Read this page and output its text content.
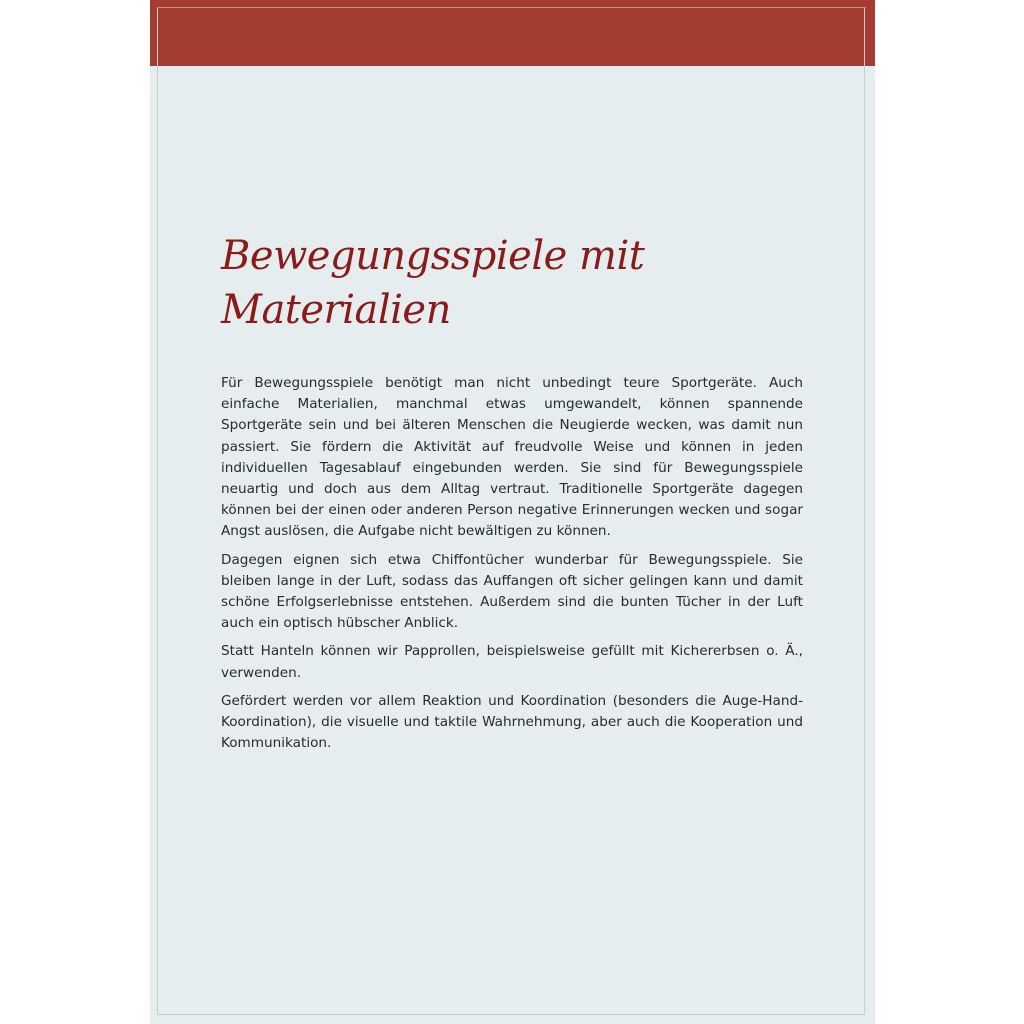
Bewegungsspiele mit
Materialien

Für Bewegungsspiele benötigt man nicht unbedingt teure Sportgeräte. Auch einfache Materialien, manchmal etwas umgewandelt, können spannende Sportgeräte sein und bei älteren Menschen die Neugierde wecken, was damit nun passiert. Sie fördern die Aktivität auf freudvolle Weise und können in jeden individuellen Tagesablauf eingebunden werden. Sie sind für Bewegungsspiele neuartig und doch aus dem Alltag vertraut. Traditionelle Sportgeräte dagegen können bei der einen oder anderen Person negative Erinnerungen wecken und sogar Angst auslösen, die Aufgabe nicht bewältigen zu können.

Dagegen eignen sich etwa Chiffontücher wunderbar für Bewegungsspiele. Sie bleiben lange in der Luft, sodass das Auffangen oft sicher gelingen kann und damit schöne Erfolgserlebnisse entstehen. Außerdem sind die bunten Tücher in der Luft auch ein optisch hübscher Anblick.

Statt Hanteln können wir Papprollen, beispielsweise gefüllt mit Kichererbsen o. Ä., verwenden.

Gefördert werden vor allem Reaktion und Koordination (besonders die Auge-Hand-Koordination), die visuelle und taktile Wahrnehmung, aber auch die Kooperation und Kommunikation.
